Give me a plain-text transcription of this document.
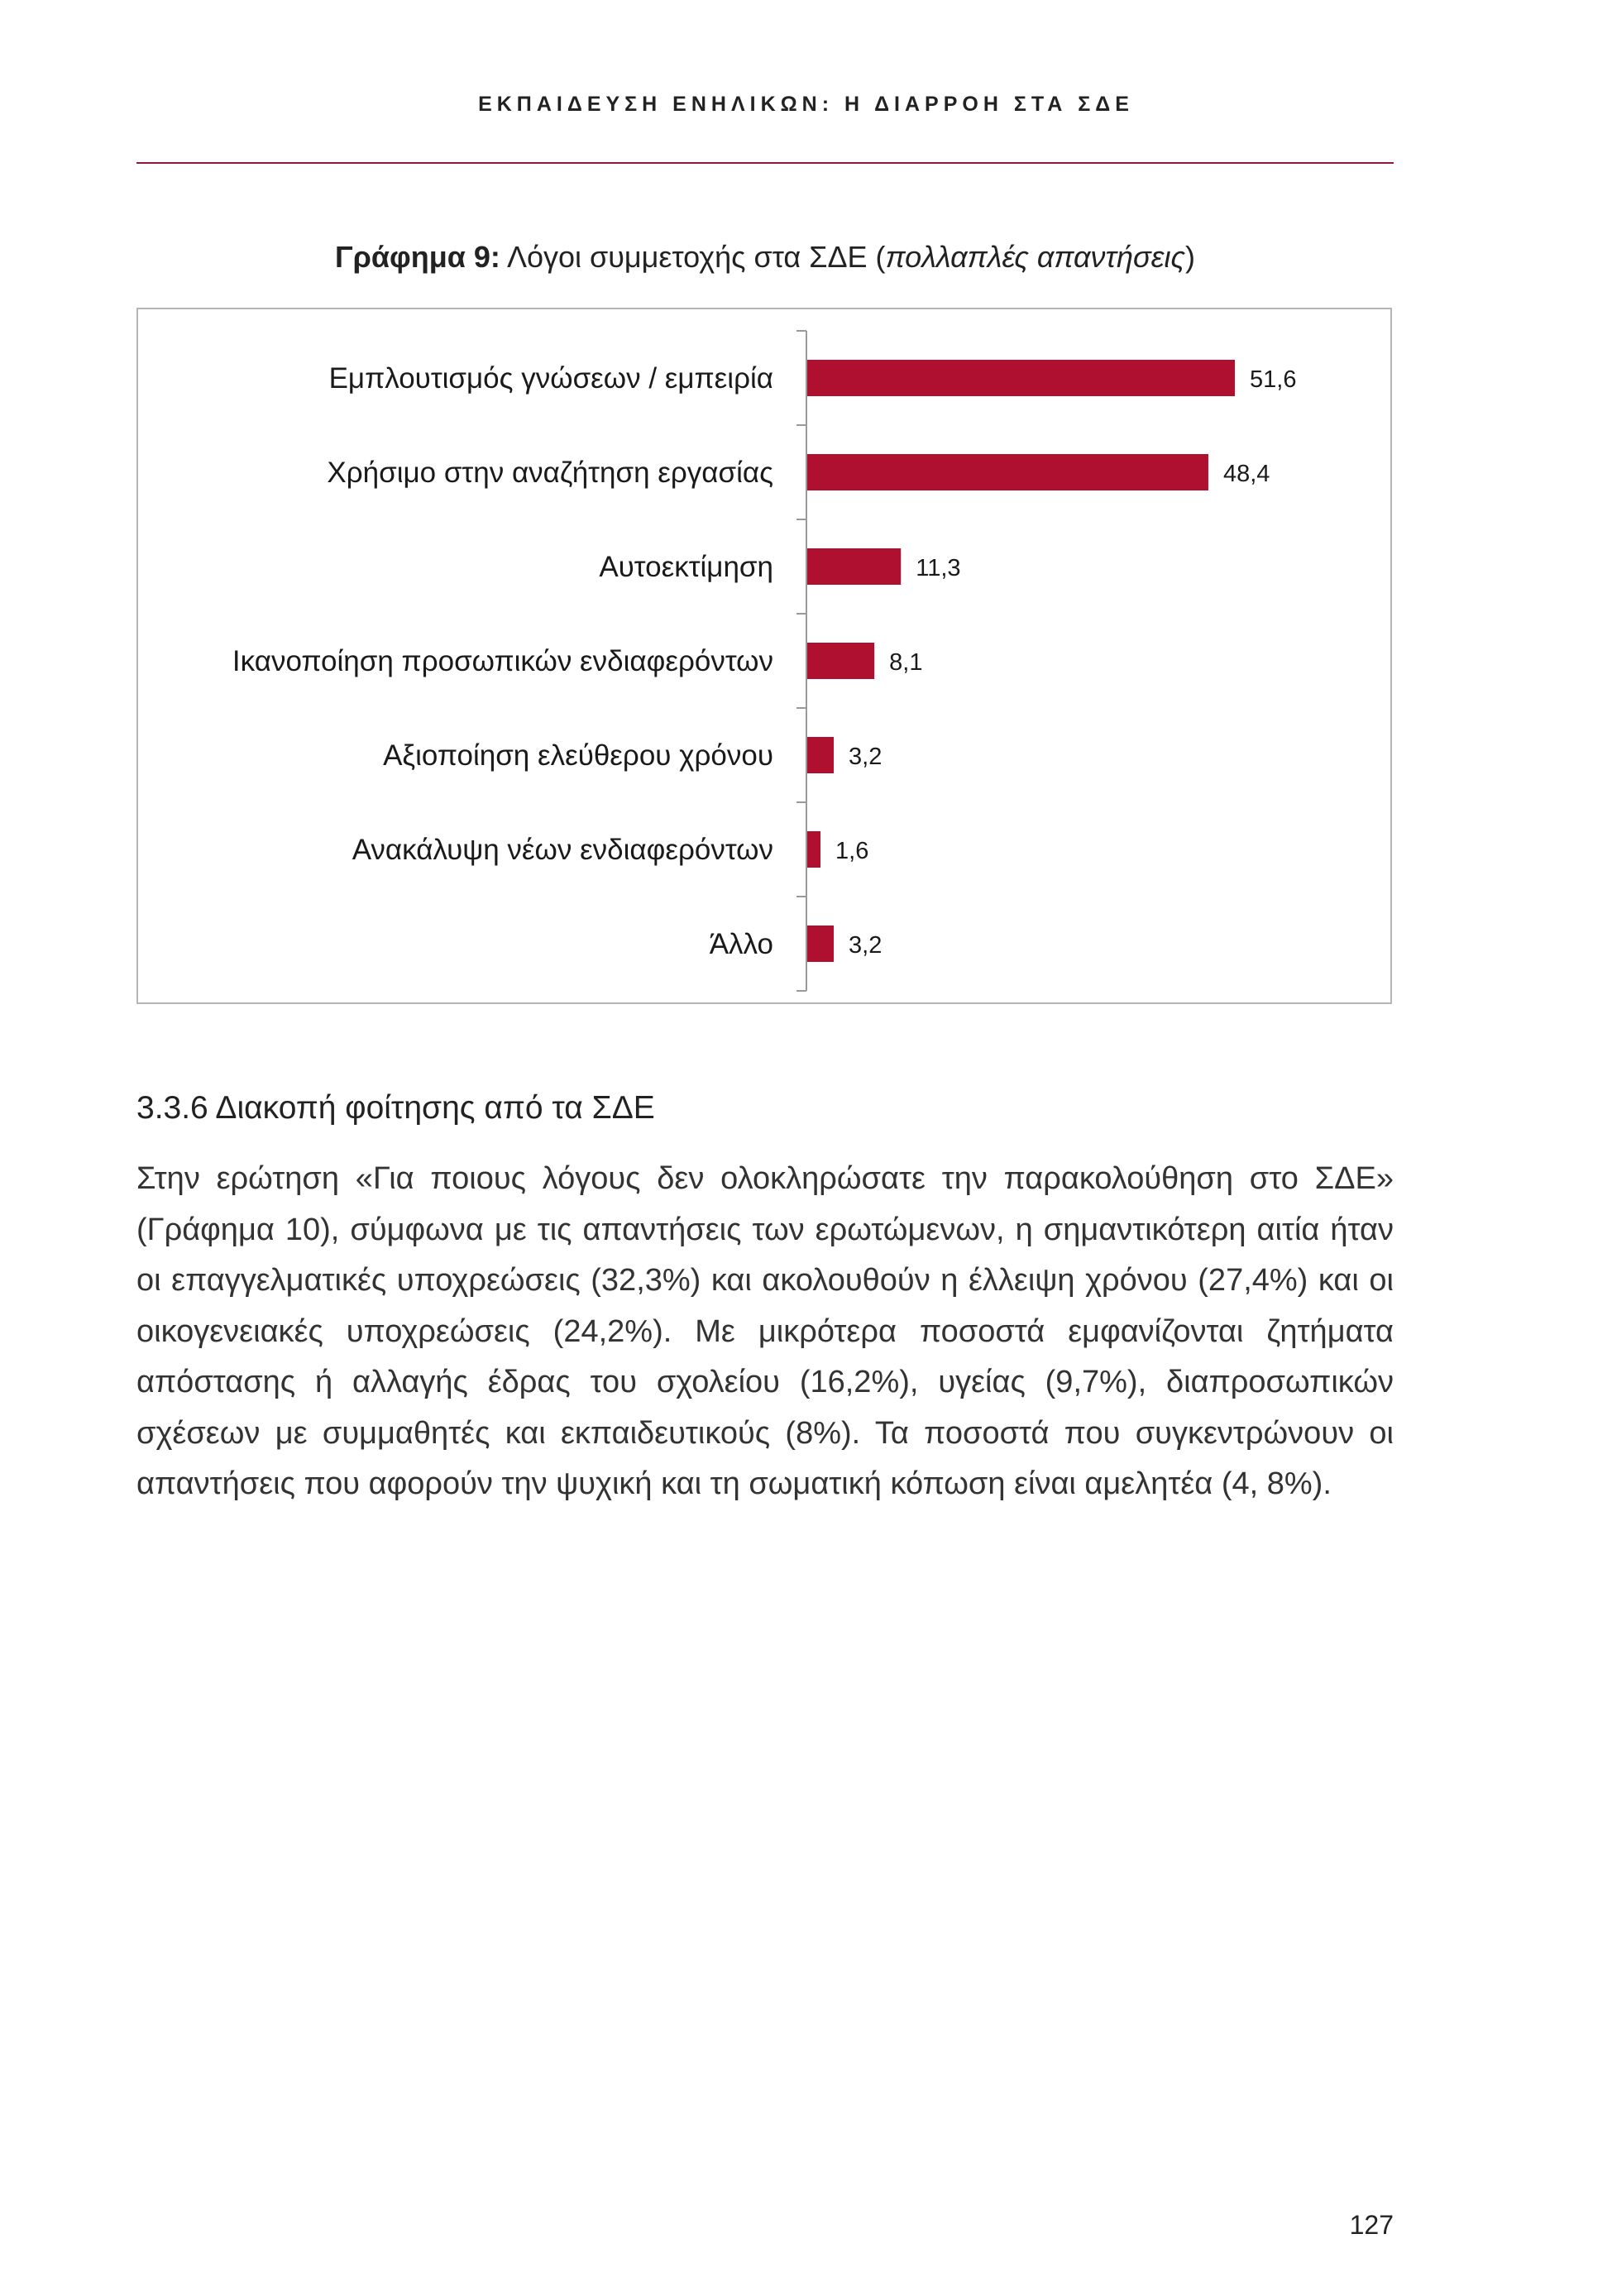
ΕΚΠΑΙΔΕΥΣΗ ΕΝΗΛΙΚΩΝ: Η ΔΙΑΡΡΟΗ ΣΤΑ ΣΔΕ
Γράφημα 9: Λόγοι συμμετοχής στα ΣΔΕ (πολλαπλές απαντήσεις)
Εμπλουτισμός γνώσεων / εμπειρία	51,6
Χρήσιμο στην αναζήτηση εργασίας	48,4
Αυτοεκτίμηση	11,3
Ικανοποίηση προσωπικών ενδιαφερόντων	8,1
Αξιοποίηση ελεύθερου χρόνου	3,2
Ανακάλυψη νέων ενδιαφερόντων	1,6
Άλλο	3,2
3.3.6 Διακοπή φοίτησης από τα ΣΔΕ
Στην ερώτηση «Για ποιους λόγους δεν ολοκληρώσατε την παρακολούθηση στο ΣΔΕ» (Γράφημα 10), σύμφωνα με τις απαντήσεις των ερωτώμενων, η σημαντικότερη αιτία ήταν οι επαγγελματικές υποχρεώσεις (32,3%) και ακολουθούν η έλλειψη χρόνου (27,4%) και οι οικογενειακές υποχρεώσεις (24,2%). Με μικρότερα ποσοστά εμφανίζονται ζητήματα απόστασης ή αλλαγής έδρας του σχολείου (16,2%), υγείας (9,7%), διαπροσωπικών σχέσεων με συμμαθητές και εκπαιδευτικούς (8%). Τα ποσοστά που συγκεντρώνουν οι απαντήσεις που αφορούν την ψυχική και τη σωματική κόπωση είναι αμελητέα (4, 8%).
127
